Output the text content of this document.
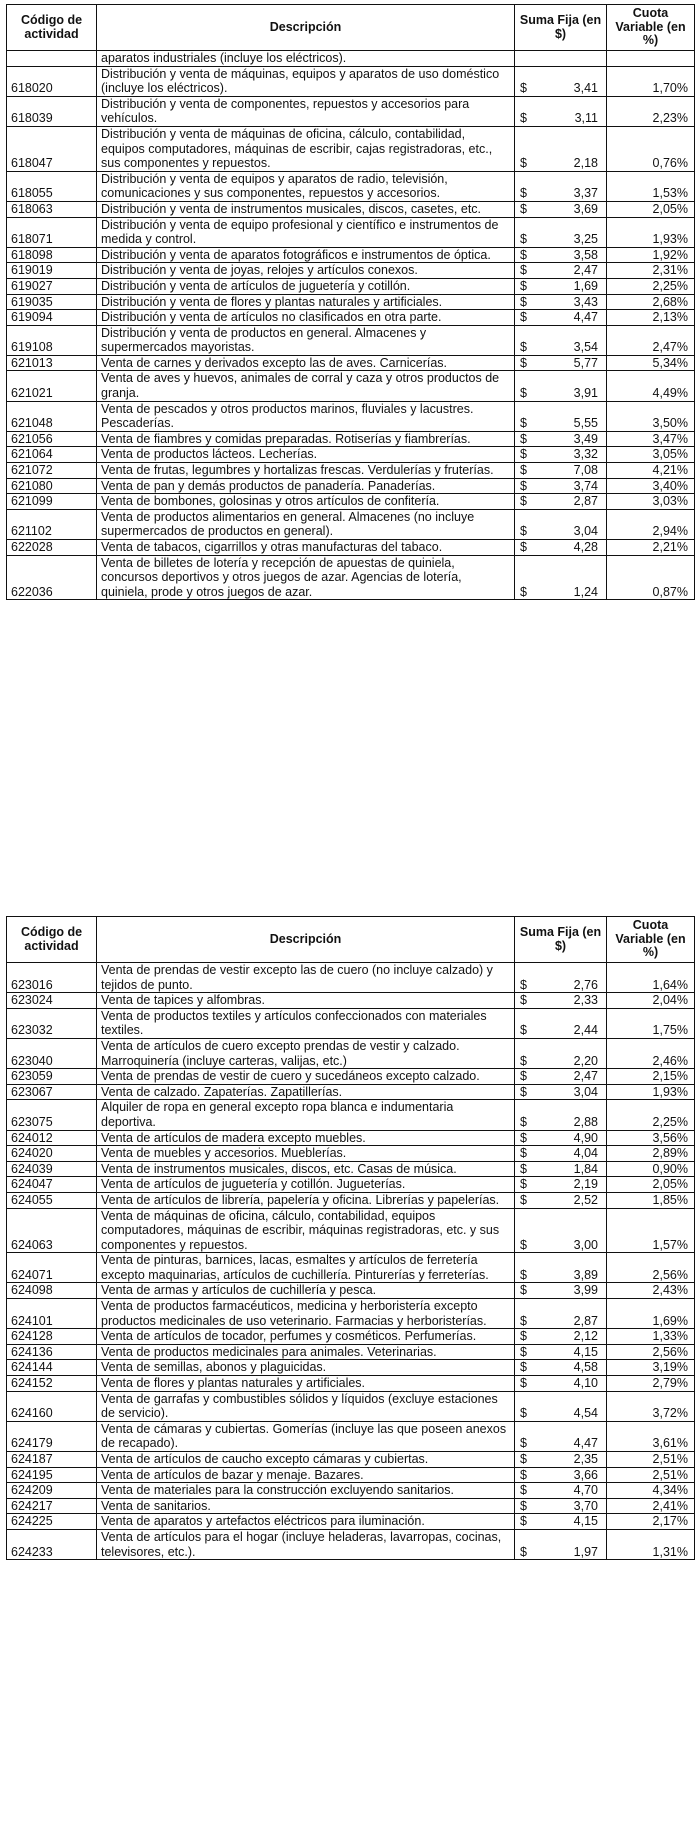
Código de actividad	Descripción	Suma Fija (en $)	Cuota Variable (en %)
	aparatos industriales (incluye los eléctricos).		
618020	Distribución y venta de máquinas, equipos y aparatos de uso doméstico (incluye los eléctricos).	$ 3,41	1,70%
618039	Distribución y venta de componentes, repuestos y accesorios para vehículos.	$ 3,11	2,23%
618047	Distribución y venta de máquinas de oficina, cálculo, contabilidad, equipos computadores, máquinas de escribir, cajas registradoras, etc., sus componentes y repuestos.	$ 2,18	0,76%
618055	Distribución y venta de equipos y aparatos de radio, televisión, comunicaciones y sus componentes, repuestos y accesorios.	$ 3,37	1,53%
618063	Distribución y venta de instrumentos musicales, discos, casetes, etc.	$ 3,69	2,05%
618071	Distribución y venta de equipo profesional y científico e instrumentos de medida y control.	$ 3,25	1,93%
618098	Distribución y venta de aparatos fotográficos e instrumentos de óptica.	$ 3,58	1,92%
619019	Distribución y venta de joyas, relojes y artículos conexos.	$ 2,47	2,31%
619027	Distribución y venta de artículos de juguetería y cotillón.	$ 1,69	2,25%
619035	Distribución y venta de flores y plantas naturales y artificiales.	$ 3,43	2,68%
619094	Distribución y venta de artículos no clasificados en otra parte.	$ 4,47	2,13%
619108	Distribución y venta de productos en general. Almacenes y supermercados mayoristas.	$ 3,54	2,47%
621013	Venta de carnes y derivados excepto las de aves. Carnicerías.	$ 5,77	5,34%
621021	Venta de aves y huevos, animales de corral y caza y otros productos de granja.	$ 3,91	4,49%
621048	Venta de pescados y otros productos marinos, fluviales y lacustres. Pescaderías.	$ 5,55	3,50%
621056	Venta de fiambres y comidas preparadas. Rotiserías y fiambrerías.	$ 3,49	3,47%
621064	Venta de productos lácteos. Lecherías.	$ 3,32	3,05%
621072	Venta de frutas, legumbres y hortalizas frescas. Verdulerías y fruterías.	$ 7,08	4,21%
621080	Venta de pan y demás productos de panadería. Panaderías.	$ 3,74	3,40%
621099	Venta de bombones, golosinas y otros artículos de confitería.	$ 2,87	3,03%
621102	Venta de productos alimentarios en general. Almacenes (no incluye supermercados de productos en general).	$ 3,04	2,94%
622028	Venta de tabacos, cigarrillos y otras manufacturas del tabaco.	$ 4,28	2,21%
622036	Venta de billetes de lotería y recepción de apuestas de quiniela, concursos deportivos y otros juegos de azar. Agencias de lotería, quiniela, prode y otros juegos de azar.	$ 1,24	0,87%
Código de actividad	Descripción	Suma Fija (en $)	Cuota Variable (en %)
623016	Venta de prendas de vestir excepto las de cuero (no incluye calzado) y tejidos de punto.	$ 2,76	1,64%
623024	Venta de tapices y alfombras.	$ 2,33	2,04%
623032	Venta de productos textiles y artículos confeccionados con materiales textiles.	$ 2,44	1,75%
623040	Venta de artículos de cuero excepto prendas de vestir y calzado. Marroquinería (incluye carteras, valijas, etc.)	$ 2,20	2,46%
623059	Venta de prendas de vestir de cuero y sucedáneos excepto calzado.	$ 2,47	2,15%
623067	Venta de calzado. Zapaterías. Zapatillerías.	$ 3,04	1,93%
623075	Alquiler de ropa en general excepto ropa blanca e indumentaria deportiva.	$ 2,88	2,25%
624012	Venta de artículos de madera excepto muebles.	$ 4,90	3,56%
624020	Venta de muebles y accesorios. Mueblerías.	$ 4,04	2,89%
624039	Venta de instrumentos musicales, discos, etc. Casas de música.	$ 1,84	0,90%
624047	Venta de artículos de juguetería y cotillón. Jugueterías.	$ 2,19	2,05%
624055	Venta de artículos de librería, papelería y oficina. Librerías y papelerías.	$ 2,52	1,85%
624063	Venta de máquinas de oficina, cálculo, contabilidad, equipos computadores, máquinas de escribir, máquinas registradoras, etc. y sus componentes y repuestos.	$ 3,00	1,57%
624071	Venta de pinturas, barnices, lacas, esmaltes y artículos de ferretería excepto maquinarias, artículos de cuchillería. Pinturerías y ferreterías.	$ 3,89	2,56%
624098	Venta de armas y artículos de cuchillería y pesca.	$ 3,99	2,43%
624101	Venta de productos farmacéuticos, medicina y herboristería excepto productos medicinales de uso veterinario. Farmacias y herboristerías.	$ 2,87	1,69%
624128	Venta de artículos de tocador, perfumes y cosméticos. Perfumerías.	$ 2,12	1,33%
624136	Venta de productos medicinales para animales. Veterinarias.	$ 4,15	2,56%
624144	Venta de semillas, abonos y plaguicidas.	$ 4,58	3,19%
624152	Venta de flores y plantas naturales y artificiales.	$ 4,10	2,79%
624160	Venta de garrafas y combustibles sólidos y líquidos (excluye estaciones de servicio).	$ 4,54	3,72%
624179	Venta de cámaras y cubiertas. Gomerías (incluye las que poseen anexos de recapado).	$ 4,47	3,61%
624187	Venta de artículos de caucho excepto cámaras y cubiertas.	$ 2,35	2,51%
624195	Venta de artículos de bazar y menaje. Bazares.	$ 3,66	2,51%
624209	Venta de materiales para la construcción excluyendo sanitarios.	$ 4,70	4,34%
624217	Venta de sanitarios.	$ 3,70	2,41%
624225	Venta de aparatos y artefactos eléctricos para iluminación.	$ 4,15	2,17%
624233	Venta de artículos para el hogar (incluye heladeras, lavarropas, cocinas, televisores, etc.).	$ 1,97	1,31%
